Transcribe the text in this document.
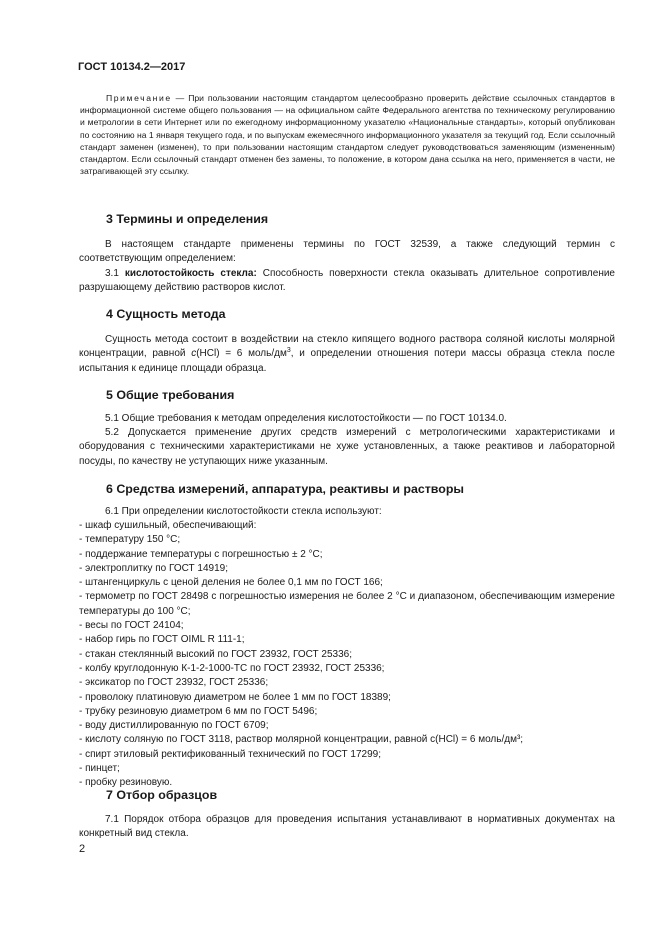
ГОСТ 10134.2—2017

Примечание — При пользовании настоящим стандартом целесообразно проверить действие ссылочных стандартов в информационной системе общего пользования — на официальном сайте Федерального агентства по техническому регулированию и метрологии в сети Интернет или по ежегодному информационному указателю «Национальные стандарты», который опубликован по состоянию на 1 января текущего года, и по выпускам ежемесячного информационного указателя за текущий год. Если ссылочный стандарт заменен (изменен), то при пользовании настоящим стандартом следует руководствоваться заменяющим (измененным) стандартом. Если ссылочный стандарт отменен без замены, то положение, в котором дана ссылка на него, применяется в части, не затрагивающей эту ссылку.

3 Термины и определения

В настоящем стандарте применены термины по ГОСТ 32539, а также следующий термин с соответствующим определением:

3.1 кислотостойкость стекла: Способность поверхности стекла оказывать длительное сопротивление разрушающему действию растворов кислот.

4 Сущность метода

Сущность метода состоит в воздействии на стекло кипящего водного раствора соляной кислоты молярной концентрации, равной c(HCl) = 6 моль/$дм^3$, и определении отношения потери массы образца стекла после испытания к единице площади образца.

5 Общие требования

5.1 Общие требования к методам определения кислотостойкости — по ГОСТ 10134.0.

5.2 Допускается применение других средств измерений с метрологическими характеристиками и оборудования с техническими характеристиками не хуже установленных, а также реактивов и лабораторной посуды, по качеству не уступающих ниже указанным.

6 Средства измерений, аппаратура, реактивы и растворы

6.1 При определении кислотостойкости стекла используют:

- шкаф сушильный, обеспечивающий:
- температуру 150 °С;
- поддержание температуры с погрешностью ± 2 °С;
- электроплитку по ГОСТ 14919;
- штангенциркуль с ценой деления не более 0,1 мм по ГОСТ 166;
- термометр по ГОСТ 28498 с погрешностью измерения не более 2 °С и диапазоном, обеспечивающим измерение температуры до 100 °С;
- весы по ГОСТ 24104;
- набор гирь по ГОСТ OIML R 111-1;
- стакан стеклянный высокий по ГОСТ 23932, ГОСТ 25336;
- колбу круглодонную К-1-2-1000-ТС по ГОСТ 23932, ГОСТ 25336;
- эксикатор по ГОСТ 23932, ГОСТ 25336;
- проволоку платиновую диаметром не более 1 мм по ГОСТ 18389;
- трубку резиновую диаметром 6 мм по ГОСТ 5496;
- воду дистиллированную по ГОСТ 6709;
- кислоту соляную по ГОСТ 3118, раствор молярной концентрации, равной c(HCl) = 6 моль/дм³;
- спирт этиловый ректификованный технический по ГОСТ 17299;
- пинцет;
- пробку резиновую.
7 Отбор образцов

7.1 Порядок отбора образцов для проведения испытания устанавливают в нормативных документах на конкретный вид стекла.

2
